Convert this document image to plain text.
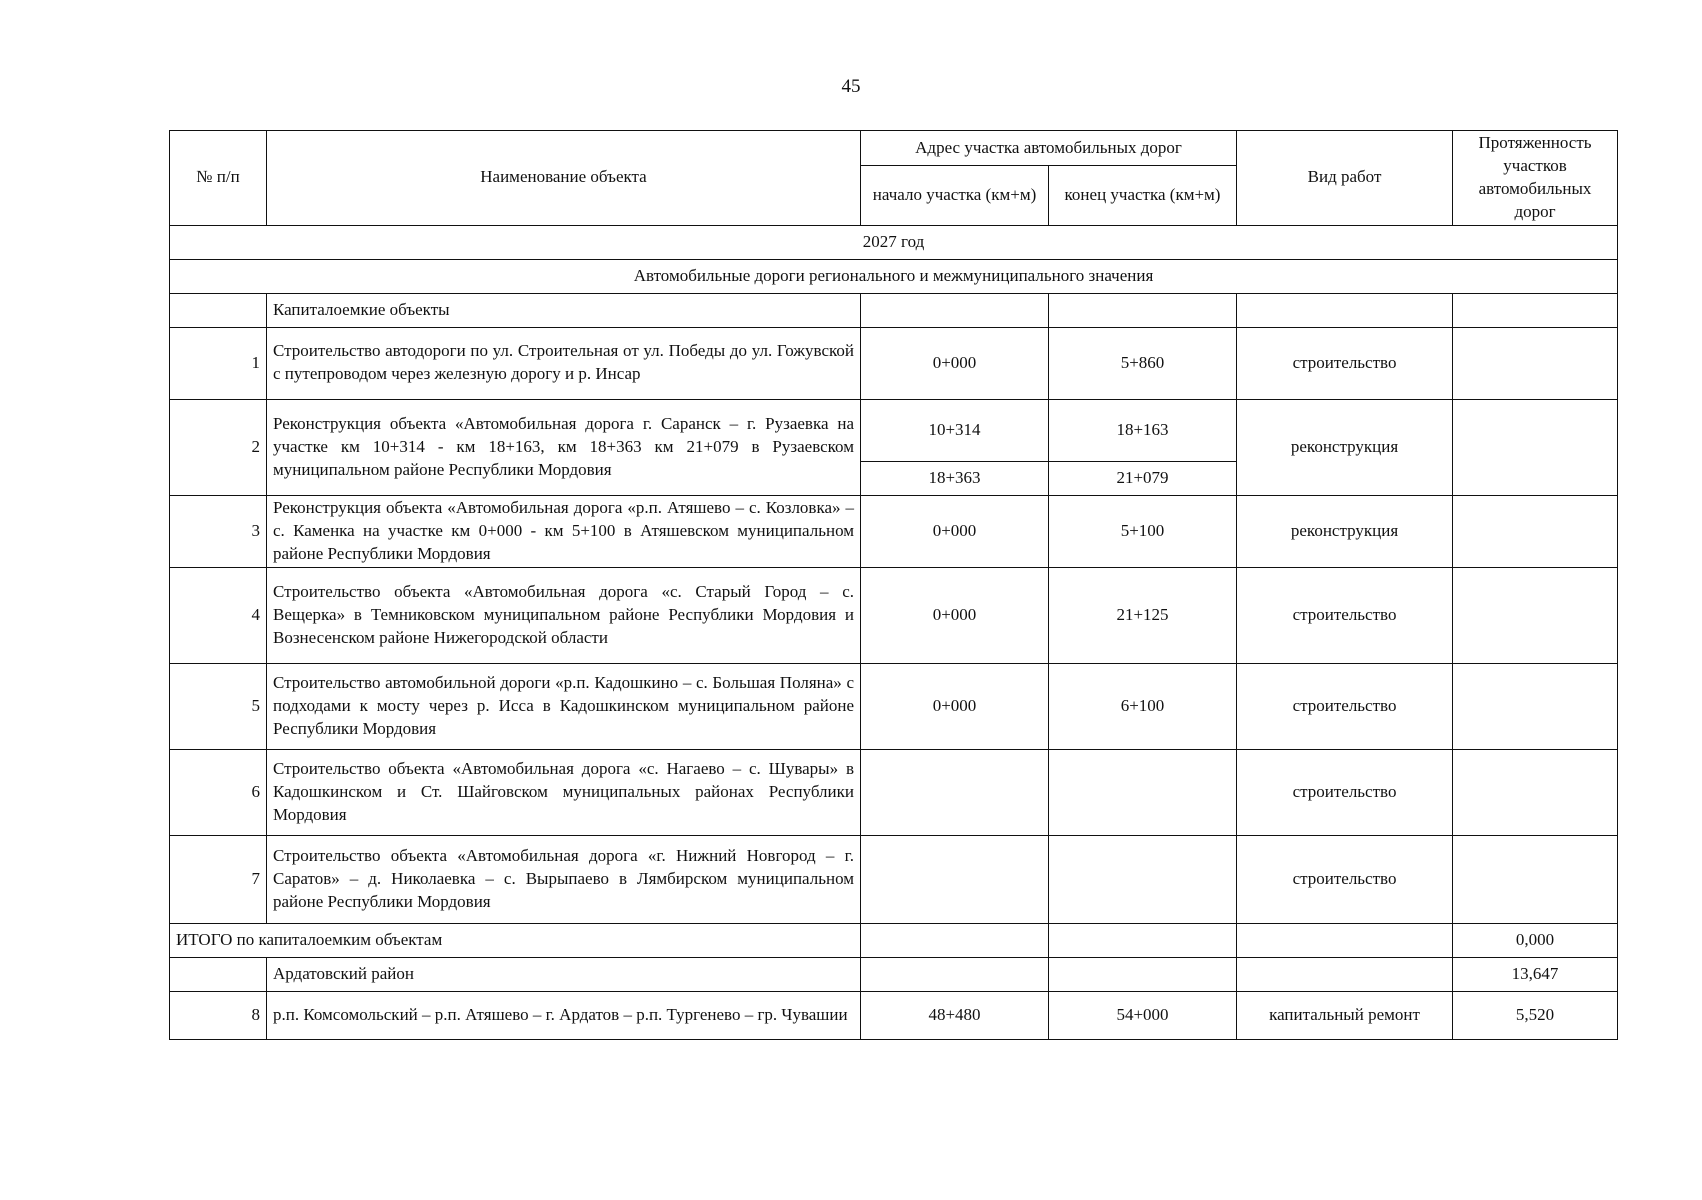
45
№ п/п	Наименование объекта	Адрес участка автомобильных дорог		Вид работ	Протяженность участков автомобильных дорог
		начало участка (км+м)	конец участка (км+м)		
2027 год					
Автомобильные дороги регионального и межмуниципального значения					
	Капиталоемкие объекты				
1	Строительство автодороги по ул. Строительная от ул. Победы до ул. Гожувской с путепроводом через железную дорогу и р. Инсар	0+000	5+860	строительство	
2	Реконструкция объекта «Автомобильная дорога г. Саранск – г. Рузаевка на участке км 10+314 - км 18+163, км 18+363 км 21+079 в Рузаевском муниципальном районе Республики Мордовия	10+314	18+163	реконструкция	
		18+363	21+079		
3	Реконструкция объекта «Автомобильная дорога «р.п. Атяшево – с. Козловка» – с. Каменка на участке км 0+000 - км 5+100 в Атяшевском муниципальном районе Республики Мордовия	0+000	5+100	реконструкция	
4	Строительство объекта «Автомобильная дорога «с. Старый Город – с. Вещерка» в Темниковском муниципальном районе Республики Мордовия и Вознесенском районе Нижегородской области	0+000	21+125	строительство	
5	Строительство автомобильной дороги «р.п. Кадошкино – с. Большая Поляна» с подходами к мосту через р. Исса в Кадошкинском муниципальном районе Республики Мордовия	0+000	6+100	строительство	
6	Строительство объекта «Автомобильная дорога «с. Нагаево – с. Шувары» в Кадошкинском и Ст. Шайговском муниципальных районах Республики Мордовия			строительство	
7	Строительство объекта «Автомобильная дорога «г. Нижний Новгород – г. Саратов» – д. Николаевка – с. Вырыпаево в Лямбирском муниципальном районе Республики Мордовия			строительство	
ИТОГО по капиталоемким объектам					0,000
	Ардатовский район				13,647
8	р.п. Комсомольский – р.п. Атяшево – г. Ардатов – р.п. Тургенево – гр. Чувашии	48+480	54+000	капитальный ремонт	5,520
